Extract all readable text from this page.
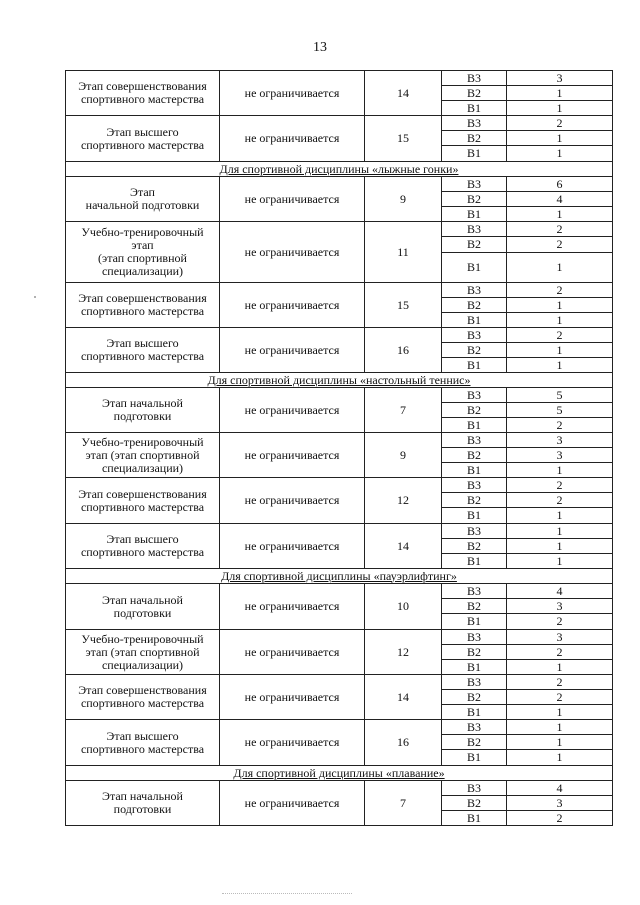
13
Этап совершенствования
спортивного мастерства	не ограничивается	14	В3	3
			В2	1
			В1	1

Этап высшего
спортивного мастерства	не ограничивается	15	В3	2
			В2	1
			В1	1
Для спортивной дисциплины «лыжные гонки»				

Этап
начальной подготовки	не ограничивается	9	В3	6
			В2	4
			В1	1

Учебно-тренировочный
этап
(этап спортивной
специализации)	не ограничивается	11	В3	2
			В2	2
			В1	1

Этап совершенствования
спортивного мастерства	не ограничивается	15	В3	2
			В2	1
			В1	1

Этап высшего
спортивного мастерства	не ограничивается	16	В3	2
			В2	1
			В1	1
Для спортивной дисциплины «настольный теннис»				

Этап начальной
подготовки	не ограничивается	7	В3	5
			В2	5
			В1	2

Учебно-тренировочный
этап (этап спортивной
специализации)	не ограничивается	9	В3	3
			В2	3
			В1	1

Этап совершенствования
спортивного мастерства	не ограничивается	12	В3	2
			В2	2
			В1	1

Этап высшего
спортивного мастерства	не ограничивается	14	В3	1
			В2	1
			В1	1
Для спортивной дисциплины «пауэрлифтинг»				

Этап начальной
подготовки	не ограничивается	10	В3	4
			В2	3
			В1	2

Учебно-тренировочный
этап (этап спортивной
специализации)	не ограничивается	12	В3	3
			В2	2
			В1	1

Этап совершенствования
спортивного мастерства	не ограничивается	14	В3	2
			В2	2
			В1	1

Этап высшего
спортивного мастерства	не ограничивается	16	В3	1
			В2	1
			В1	1
Для спортивной дисциплины «плавание»				

Этап начальной
подготовки	не ограничивается	7	В3	4
			В2	3
			В1	2
